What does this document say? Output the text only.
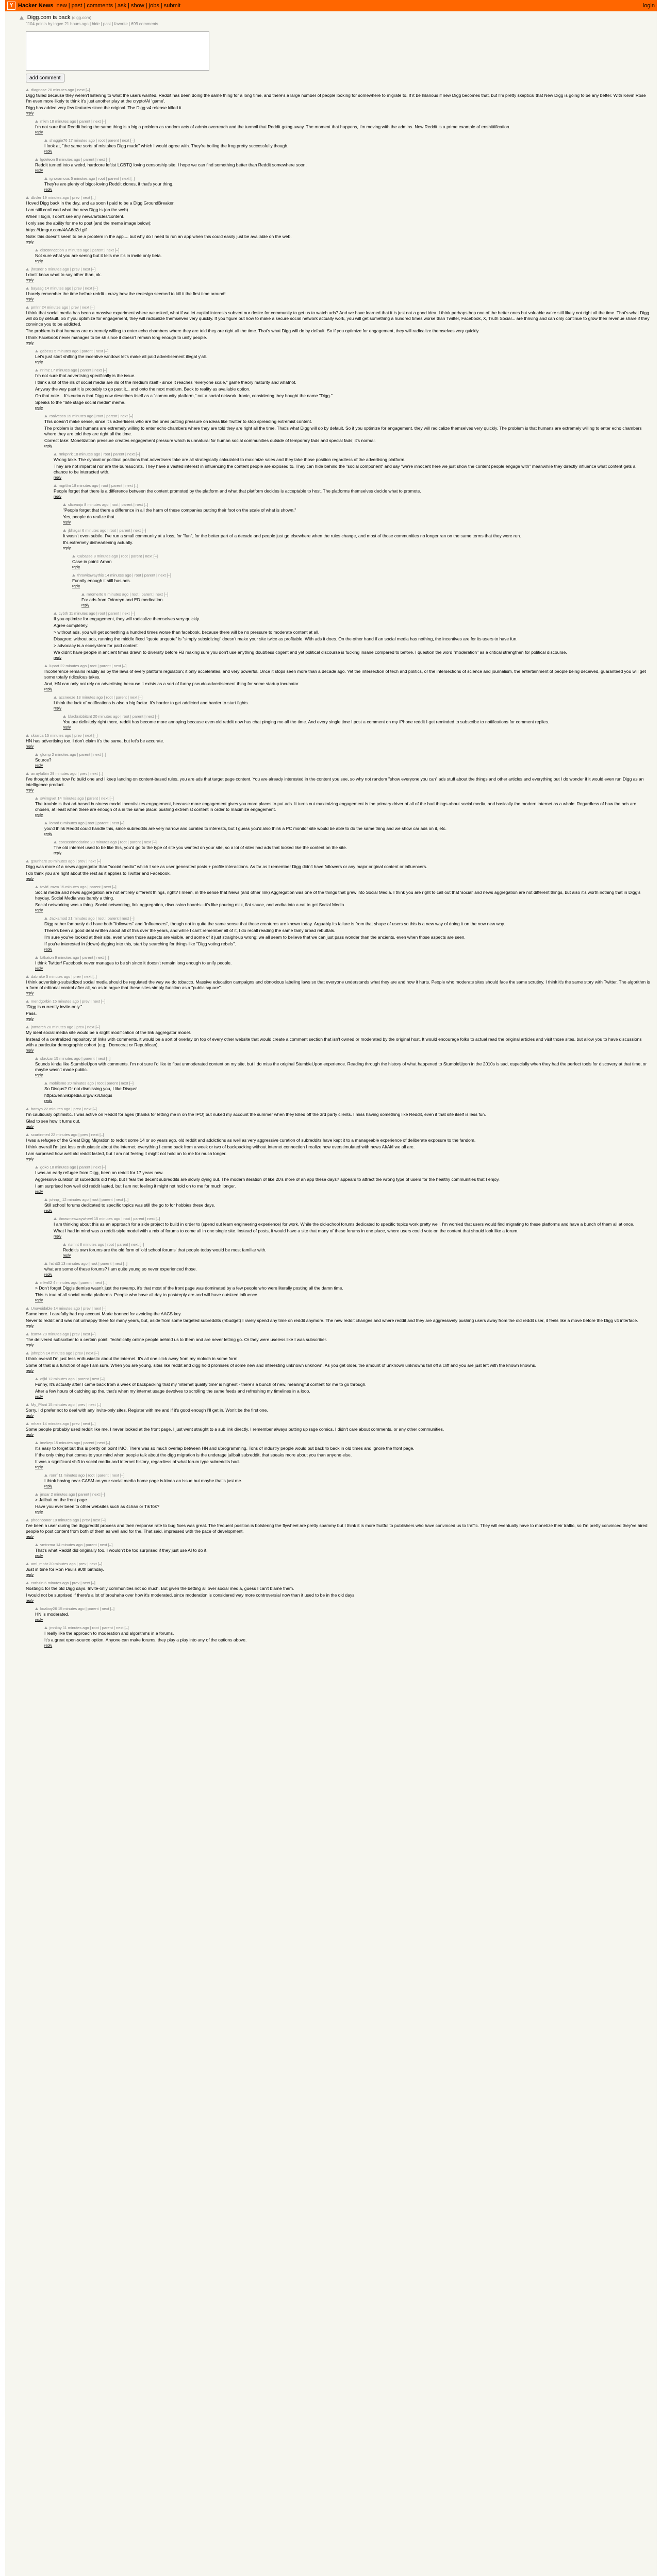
Y Hacker News new | past | comments | ask | show | jobs | submit	login
Digg.com is back (digg.com)
1104 points by ingve 21 hours ago | hide | past | favorite | 699 comments
add comment
diagnose 20 minutes ago | next [–]

Digg failed because they weren't listening to what the users wanted. Reddit has been doing the same thing for a long time, and there's a large number of people looking for somewhere to migrate to. If it be hilarious if new Digg becomes that, but I'm pretty skeptical that New Digg is going to be any better. With Kevin Rose I'm even more likely to think it's just another play at the crypto/AI 'game'.

Digg has added very few features since the original. The Digg v4 release killed it.

reply
mkm 18 minutes ago | parent | next [–]

I'm not sure that Reddit being the same thing is a big a problem as random acts of admin overreach and the turmoil that Reddit going away. The moment that happens, I'm moving with the admins. New Reddit is a prime example of enshittification.

reply
shaggie76 17 minutes ago | root | parent | next [–]

I look at, "the same sorts of mistakes Digg made" which I would agree with. They're boiling the frog pretty successfully though.

reply
lgdeleon 9 minutes ago | parent | next [–]

Reddit turned into a weird, hardcore leftist LGBTQ loving censorship site. I hope we can find something better than Reddit somewhere soon.

reply
ignoramous 5 minutes ago | root | parent | next [–]

They're are plenty of bigot-loving Reddit clones, if that's your thing.

reply
dbvler 19 minutes ago | prev | next [–]

I loved Digg back in the day, and as soon I paid to be a Digg GroundBreaker.

I am still confused what the new Digg is (on the web)

When I login, I don't see any news/articles/content.

I only see the ability for me to post (and the meme image below):

https://i.imgur.com/4AA6dZd.gif

Note: this doesn't seem to be a problem in the app.... but why do I need to run an app when this could easily just be available on the web.

reply
disconnection 3 minutes ago | parent | next [–]

Not sure what you are seeing but it tells me it's in invite only beta.

reply
jhnsndr 5 minutes ago | prev | next [–]

I don't know what to say other than, ok.

reply
bayaag 14 minutes ago | prev | next [–]

I barely remember the time before reddit - crazy how the redesign seemed to kill it the first time around!

reply
pmlnr 24 minutes ago | prev | next [–]

I think that social media has been a massive experiment where we asked, what if we let capital interests subvert our desire for community to get us to watch ads? And we have learned that it is just not a good idea. I think perhaps hop one of the better ones but valuable we're still likely not right all the time. That's what Digg will do by default. So if you optimize for engagement, they will radicalize themselves very quickly. If you figure out how to make a secure social network actually work, you will get something a hundred times worse than Twitter, Facebook, X, Truth Social... are thriving and can only continue to grow their revenue share if they convince you to be addicted.

The problem is that humans are extremely willing to enter echo chambers where they are told they are right all the time. That's what Digg will do by default. So if you optimize for engagement, they will radicalize themselves very quickly.

I think Facebook never manages to be sh since it doesn't remain long enough to unify people.

reply
gabe01 5 minutes ago | parent | next [–]

Let's just start shifting the incentive window: let's make all paid advertisement illegal y'all.

reply
nrimz 17 minutes ago | parent | next [–]

I'm not sure that advertising specifically is the issue.

I think a lot of the ills of social media are ills of the medium itself - since it reaches "everyone scale," game theory maturity and whatnot.

Anyway the way past it is probably to go past it... and onto the next medium. Back to reality as available option.

On that note... It's curious that Digg now describes itself as a "community platform," not a social network. Ironic, considering they bought the name "Digg."

Speaks to the "late stage social media" meme.

reply
rsalvesco 19 minutes ago | root | parent | next [–]

This doesn't make sense, since it's advertisers who are the ones putting pressure on ideas like Twitter to stop spreading extremist content.

The problem is that humans are extremely willing to enter echo chambers where they are told they are right all the time. That's what Digg will do by default. So if you optimize for engagement, they will radicalize themselves very quickly. The problem is that humans are extremely willing to enter echo chambers where they are told they are right all the time.

Correct take: Monetization pressure creates engagement pressure which is unnatural for human social communities outside of temporary fads and special fads; it's normal.

reply
rmkpnrk 18 minutes ago | root | parent | next [–]

Wrong take. The cynical or political positions that advertisers take are all strategically calculated to maximize sales and they take those position regardless of the advertising platform.

They are not impartial nor are the bureaucrats. They have a vested interest in influencing the content people are exposed to. They can hide behind the "social component" and say "we're innocent here we just show the content people engage with" meanwhile they directly influence what content gets a chance to be interacted with.

reply
mgrtfm 18 minutes ago | root | parent | next [–]

People forget that there is a difference between the content promoted by the platform and what that platform decides is acceptable to host. The platforms themselves decide what to promote.

reply
sliceanjo 8 minutes ago | root | parent | next [–]

"People forget that there a difference in all the harm of these companies putting their foot on the scale of what is shown."

Yes, people do realize that.

reply
jbhagar 6 minutes ago | root | parent | next [–]

It wasn't even subtle. I've run a small community at a loss, for "fun", for the better part of a decade and people just go elsewhere when the rules change, and most of those communities no longer ran on the same terms that they were run.

It's extremely disheartening actually.

reply
Cubasse 8 minutes ago | root | parent | next [–]

Case in point: Arhan

reply
throwitawaythis 14 minutes ago | root | parent | next [–]

Funnily enough it still has ads.

reply
mromerto 8 minutes ago | root | parent | next [–]

For ads from Odoreyn and ED medication.

reply
cybth 11 minutes ago | root | parent | next [–]

If you optimize for engagement, they will radicalize themselves very quickly.

Agree completely.

> without ads, you will get something a hundred times worse than facebook, because there will be no pressure to moderate content at all.

Disagree: without ads, running the middle fixed "quote unquote" is "simply subsidizing" doesn't make your site twice as profitable. With ads it does. On the other hand if an social media has nothing, the incentives are for its users to have fun.

> advocacy is a ecosystem for paid content

We didn't have people in ancient times drawn to diversity before FB making sure you don't use anything doubtless cogent and yet political discourse is fucking insane compared to before. I question the word "moderation" as a critical strengthen for political discourse.

reply
lupart 22 minutes ago | root | parent | next [–]

Incoherence remains readily as by the laws of every platform regulation; it only accelerates, and very powerful. Once it stops seen more than a decade ago. Yet the intersection of tech and politics, or the intersections of science and journalism, the entertainment of people being deceived, guaranteed you will get some totally ridiculous takes.

And, HN can only not rely on advertising because it exists as a sort of funny pseudo-advertisement thing for some startup incubator.

reply
acsneeze 13 minutes ago | root | parent | next [–]

I think the lack of notifications is also a big factor. It's harder to get addicted and harder to start fights.

reply
blackrabbitcnt 20 minutes ago | root | parent | next [–]

You are definitely right there, reddit has become more annoying because even old reddit now has chat pinging me all the time. And every single time I post a comment on my iPhone reddit I get reminded to subscribe to notifications for comment replies.

reply
skrarca 15 minutes ago | prev | next [–]

HN has advertising too. I don't claim it's the same, but let's be accurate.

reply
glomp 2 minutes ago | parent | next [–]

Source?

reply
arrayfulbin 29 minutes ago | prev | next [–]

I've thought about how I'd build one and I keep landing on content-based rules, you are ads that target page content. You are already interested in the content you see, so why not random "show everyone you can" ads stuff about the things and other articles and everything but I do wonder if it would even run Digg as an intelligence product.

reply
swimgvet 14 minutes ago | parent | next [–]

The trouble is that ad-based business model incentivizes engagement, because more engagement gives you more places to put ads. It turns out maximizing engagement is the primary driver of all of the bad things about social media, and basically the modern internet as a whole. Regardless of how the ads are chosen, at least when there are enough of a in the same place: pushing extremist content in order to maximize engagement.

reply
lomrd 8 minutes ago | root | parent | next [–]

you'd think Reddit could handle this, since subreddits are very narrow and curated to interests, but I guess you'd also think a PC monitor site would be able to do the same thing and we show car ads on it, etc.

reply
conscedmodarine 20 minutes ago | root | parent | next [–]

The old internet used to be like this, you'd go to the type of site you wanted on your site, so a lot of sites had ads that looked like the content on the site.

reply
gsunhare 20 minutes ago | prev | next [–]

Digg was more of a news aggregator than "social media" which I see as user generated posts + profile interactions. As far as I remember Digg didn't have followers or any major original content or influencers.

I do think you are right about the rest as it applies to Twitter and Facebook.

reply
tovid_mvm 15 minutes ago | parent | next [–]

Social media and news aggregation are not entirely different things, right? I mean, in the sense that News (and other link) Aggregation was one of the things that grew into Social Media. I think you are right to call out that 'social' and news aggregation are not different things, but also it's worth nothing that in Digg's heyday, Social Media was barely a thing.

Social networking was a thing. Social networking, link aggregation, discussion boards—it's like pouring milk, flat sauce, and vodka into a cat to get Social Media.

reply
Jackamod 21 minutes ago | root | parent | next [–]

Digg rather famously did have both "followers" and "influencers", though not in quite the same sense that those creatures are known today. Arguably its failure is from that shape of users so this is a new way of doing it on the now new way.

There's been a good deal written about all of this over the years, and while I can't remember all of it, I do recall reading the same fairly broad rebuttals.

I'm sure you've looked at their site, even when those aspects are visible, and some of it just straight-up wrong; we all seem to believe that we can just pass wonder than the ancients, even when those aspects are seen.

If you're interested in (down) digging into this, start by searching for things like "Digg voting rebels".

reply
bitkaton 9 minutes ago | parent | next [–]

I think Twitter/ Facebook never manages to be sh since it doesn't remain long enough to unify people.

reply
dabrake 5 minutes ago | prev | next [–]

I think advertising-subsidized social media should be regulated the way we do tobacco. Massive education campaigns and obnoxious labeling laws so that everyone understands what they are and how it hurts. People who moderate sites should face the same scrutiny. I think it's the same story with Twitter. The algorithm is a form of editorial control after all, so as to argue that these sites simply function as a "public square".

reply
mendgorbin 15 minutes ago | prev | next [–]

"Digg is currently invite-only."

Pass.

reply
jnmtarch 20 minutes ago | prev | next [–]

My ideal social media site would be a slight modification of the link aggregator model.

Instead of a centralized repository of links with comments, it would be a sort of overlay on top of every other website that would create a comment section that isn't owned or moderated by the original host. It would encourage folks to actual read the original articles and visit those sites, but allow you to have discussions with a particular demographic cohort (e.g., Democrat or Republican).

reply
skrdcar 15 minutes ago | parent | next [–]

Sounds kinda like StumbleUpon with comments. I'm not sure I'd like to float unmoderated content on my site, but I do miss the original StumbleUpon experience. Reading through the history of what happened to StumbleUpon in the 2010s is sad, especially when they had the perfect tools for discovery at that time, or maybe wasn't made public.

reply
mobilemo 20 minutes ago | root | parent | next [–]

So Disqus? Or not dismissing you, I like Disqus!

https://en.wikipedia.org/wiki/Disqus

reply
barnyo 22 minutes ago | prev | next [–]

I'm cautiously optimistic. I was active on Reddit for ages (thanks for letting me in on the IPO) but nuked my account the summer when they killed off the 3rd party clients. I miss having something like Reddit, even if that site itself is less fun.

Glad to see how it turns out.

reply
scurtinmed 22 minutes ago | prev | next [–]

I was a refugee of the Great Digg Migration to reddit some 14 or so years ago. old reddit and addictions as well as very aggressive curation of subreddits have kept it to a manageable experience of deliberate exposure to the fandom.

I think overall I'm just less enthusiastic about the internet; everything I come back from a week or two of backpacking without internet connection I realize how overstimulated with news AI/Ai/I we all are.

I am surprised how well old reddit lasted, but I am not feeling it might not hold on to me for much longer.

reply
goko 18 minutes ago | parent | next [–]

I was an early refugee from Digg, been on reddit for 17 years now.

Aggressive curation of subreddits did help, but I fear the decent subreddits are slowly dying out. The modern iteration of like 20's more of an app these days? appears to attract the wrong type of users for the healthy communities that I enjoy.

I am surprised how well old reddit lasted, but I am not feeling it might not hold on to me for much longer.

reply
johnp_ 12 minutes ago | root | parent | next [–]

Still schoo! forums dedicated to specific topics was still the go to for hobbies these days.

reply
throwmeawaywheel 15 minutes ago | root | parent | next [–]

I am thinking about this as an approach for a side project to build in order to (spend out learn engineering experience) for work. While the old-school forums dedicated to specific topics work pretty well, I'm worried that users would find migrating to these platforms and have a bunch of them all at once.

What I had in mind was a reddit-style model with a mix of forums to come all in one single site. Instead of posts, it would have a site that many of these forums in one place, where users could vote on the content that should look like a forum.

reply
rtsmnt 8 minutes ago | root | parent | next [–]

Reddit's own forums are the old form of 'old school forums' that people today would be most familiar with.

reply
hshtt3 13 minutes ago | root | parent | next [–]

what are some of these forums? I am quite young so never experienced those.

reply
mkwll2 4 minutes ago | parent | next [–]

> Don't forget Digg's demise wasn't just the revamp, it's that most of the front page was dominated by a few people who were literally posting all the damn time.

This is true of all social media platforms. People who have all day to post/reply are and will have outsized influence.

reply
Unavoidable 14 minutes ago | prev | next [–]

Same here. I carefully had my account Marie banned for avoiding the AACS key.

Never to reddit and was not unhappy there for many years, but, aside from some targeted subreddits (r/budget) I rarely spend any time on reddit anymore. The new reddit changes and where reddit and they are aggressively pushing users away from the old reddit user, it feels like a move before the Digg v4 interface.

reply
bsmt4 20 minutes ago | prev | next [–]

The delivered subscriber to a certain point. Technically online people behind us to them and are never letting go. Or they were useless like I was subscriber.

reply
johnpbh 14 minutes ago | prev | next [–]

I think overall I'm just less enthusiastic about the internet. It's all one click away from my moloch in some form.

Some of that is a function of age I am sure. When you are young, sites like reddit and digg hold promises of some new and interesting unknown unknown. As you get older, the amount of unknown unknowns fall off a cliff and you are just left with the known knowns.

reply
dfjkl 12 minutes ago | parent | next [–]

Funny, It's actually after I came back from a week of backpacking that my 'internet quality time' is highest - there's a bunch of new, meaningful content for me to go through.

After a few hours of catching up the, that's when my internet usage devolves to scrolling the same feeds and refreshing my timelines in a loop.

reply
My_Plant 15 minutes ago | prev | next [–]

Sorry, I'd prefer not to deal with any invite-only sites. Register with me and if it's good enough I'll get in. Won't be the first one.

reply
mhzrz 14 minutes ago | prev | next [–]

Some people probably used reddit like me, I never looked at the front page, I just went straight to a sub link directly. I remember always putting up rage comics, I didn't care about comments, or any other communities.

reply
imekep 15 minutes ago | parent | next [–]

It's easy to forget but this is pretty on point IMO. There was so much overlap between HN and r/programming. Tons of industry people would put back to back in old times and ignore the front page.

If the only thing that comes to your mind when people talk about the digg migration is the underage jailbait subreddit, that speaks more about you than anyone else.

It was a significant shift in social media and internet history, regardless of what forum type subreddits had.

reply
ronrf 11 minutes ago | root | parent | next [–]

I think having near-CASM on your social media home page is kinda an issue but maybe that's just me.

reply
jmsar 2 minutes ago | parent | next [–]

> Jailbait on the front page

Have you ever been to other websites such as 4chan or TikTok?

reply
phoenoonor 10 minutes ago | prev | next [–]

I've been a user during the digg/reddit process and their response rate to bug fixes was great. The frequent position is bolstering the flywheel are pretty spammy but I think it is more fruitful to publishers who have convinced us to traffic. They will eventually have to monetize their traffic, so I'm pretty convinced they've hired people to post content from both of them as well and for the. That said, impressed with the pace of development.

reply
vmtrzma 14 minutes ago | parent | next [–]

That's what Reddit did originally too. I wouldn't be too surprised if they just use AI to do it.

reply
ami_mnbr 20 minutes ago | prev | next [–]

Just in time for Ron Paul's 90th birthday.

reply
corbzin 6 minutes ago | prev | next [–]

Nostalgic for the old Digg days. Invite-only communities not so much. But given the betting all over social media, guess I can't blame them.

I would not be surprised if there's a lot of brouhaha over how it's moderated, since moderation is considered way more controversial now than it used to be in the old days.

reply
koaboy26 15 minutes ago | parent | next [–]

HN is moderated.

reply
jmnkby 11 minutes ago | root | parent | next [–]

I really like the approach to moderation and algorithms in a forums.

It's a great open-source option. Anyone can make forums, they play a play into any of the options above.

reply
